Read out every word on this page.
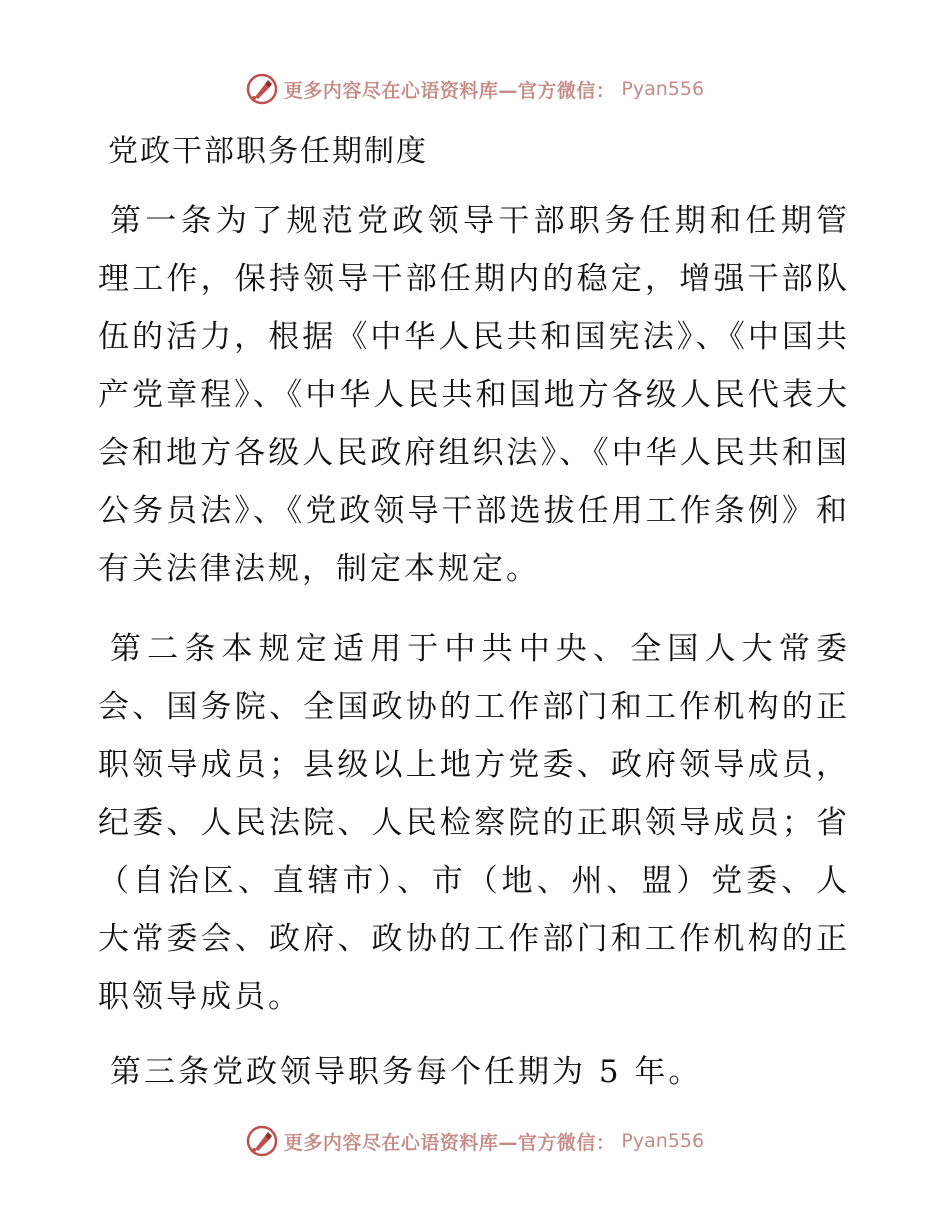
更多内容尽在心语资料库—官方微信： Pyan556
党政干部职务任期制度

第一条为了规范党政领导干部职务任期和任期管理工作，保持领导干部任期内的稳定，增强干部队伍的活力，根据《中华人民共和国宪法》、《中国共产党章程》、《中华人民共和国地方各级人民代表大会和地方各级人民政府组织法》、《中华人民共和国公务员法》、《党政领导干部选拔任用工作条例》和有关法律法规，制定本规定。

第二条本规定适用于中共中央、全国人大常委会、国务院、全国政协的工作部门和工作机构的正职领导成员；县级以上地方党委、政府领导成员，纪委、人民法院、人民检察院的正职领导成员；省（自治区、直辖市）、市（地、州、盟）党委、人大常委会、政府、政协的工作部门和工作机构的正职领导成员。

第三条党政领导职务每个任期为 5 年。

更多内容尽在心语资料库—官方微信： Pyan556
